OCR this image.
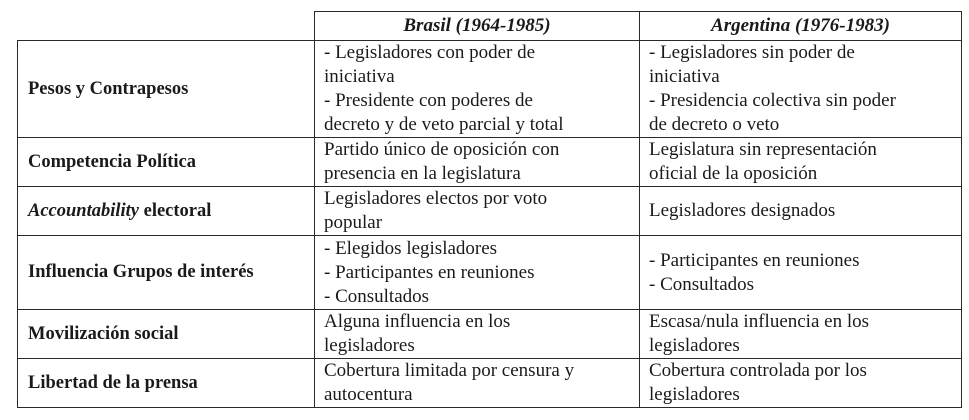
	Brasil (1964-1985)	Argentina (1976-1983)
Pesos y Contrapesos	- Legisladores con poder de
iniciativa
- Presidente con poderes de
decreto y de veto parcial y total	- Legisladores sin poder de
iniciativa
- Presidencia colectiva sin poder
de decreto o veto

Competencia Política	Partido único de oposición con
presencia en la legislatura	Legislatura sin representación
oficial de la oposición

Accountability electoral	Legisladores electos por voto
popular	Legisladores designados

Influencia Grupos de interés	- Elegidos legisladores
- Participantes en reuniones
- Consultados	- Participantes en reuniones
- Consultados

Movilización social	Alguna influencia en los
legisladores	Escasa/nula influencia en los
legisladores

Libertad de la prensa	Cobertura limitada por censura y
autocentura	Cobertura controlada por los
legisladores
